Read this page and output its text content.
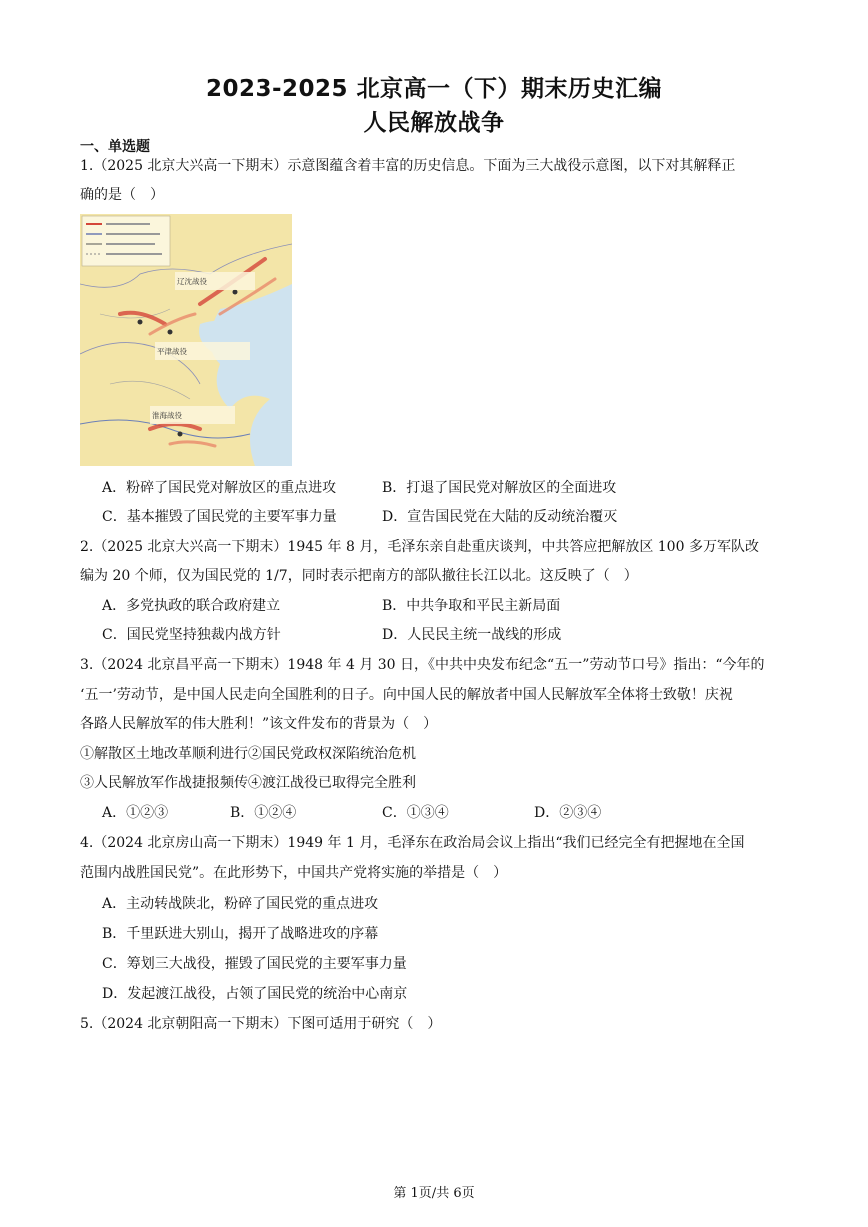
2023-2025 北京高一（下）期末历史汇编
人民解放战争
一、单选题
1.（2025 北京大兴高一下期末）示意图蕴含着丰富的历史信息。下面为三大战役示意图，以下对其解释正
确的是（　）
辽沈战役
平津战役
淮海战役
A．粉碎了国民党对解放区的重点进攻	B．打退了国民党对解放区的全面进攻
C．基本摧毁了国民党的主要军事力量	D．宣告国民党在大陆的反动统治覆灭
2.（2025 北京大兴高一下期末）1945 年 8 月，毛泽东亲自赴重庆谈判，中共答应把解放区 100 多万军队改
编为 20 个师，仅为国民党的 1/7，同时表示把南方的部队撤往长江以北。这反映了（　）
A．多党执政的联合政府建立	B．中共争取和平民主新局面
C．国民党坚持独裁内战方针	D．人民民主统一战线的形成
3.（2024 北京昌平高一下期末）1948 年 4 月 30 日，《中共中央发布纪念“五一”劳动节口号》指出：“今年的
‘五一’劳动节，是中国人民走向全国胜利的日子。向中国人民的解放者中国人民解放军全体将士致敬！庆祝
各路人民解放军的伟大胜利！”该文件发布的背景为（　）
①解散区土地改革顺利进行②国民党政权深陷统治危机
③人民解放军作战捷报频传④渡江战役已取得完全胜利
A．①②③	B．①②④	C．①③④	D．②③④
4.（2024 北京房山高一下期末）1949 年 1 月，毛泽东在政治局会议上指出“我们已经完全有把握地在全国
范围内战胜国民党”。在此形势下，中国共产党将实施的举措是（　）
A．主动转战陕北，粉碎了国民党的重点进攻
B．千里跃进大别山，揭开了战略进攻的序幕
C．筹划三大战役，摧毁了国民党的主要军事力量
D．发起渡江战役，占领了国民党的统治中心南京
5.（2024 北京朝阳高一下期末）下图可适用于研究（　）
第 1页/共 6页
